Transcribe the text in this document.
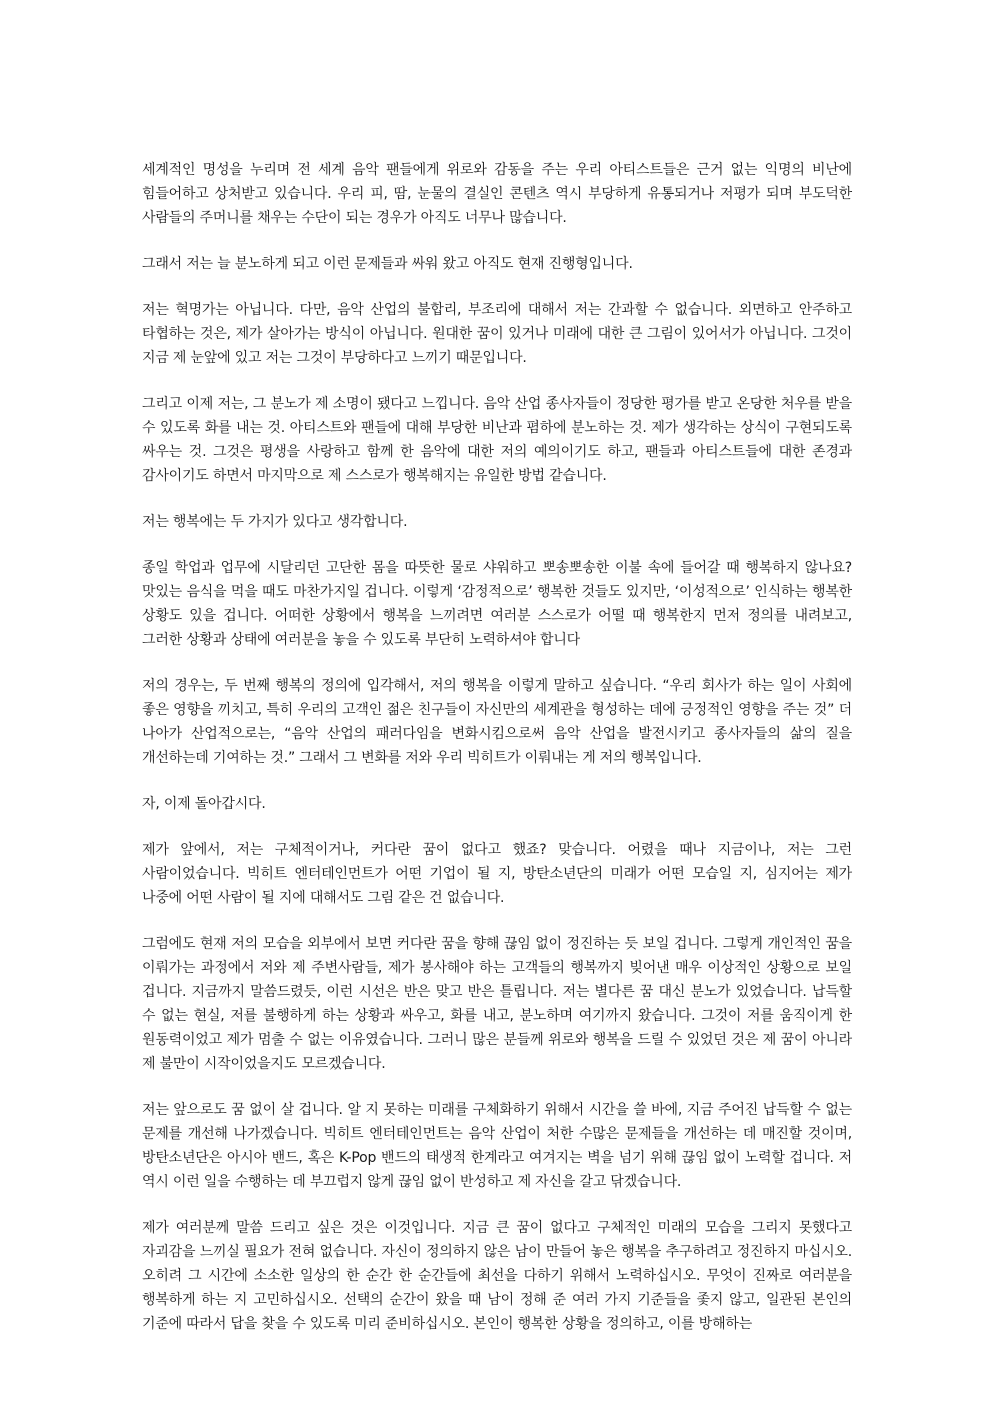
세계적인 명성을 누리며 전 세계 음악 팬들에게 위로와 감동을 주는 우리 아티스트들은 근거 없는 익명의 비난에 힘들어하고 상처받고 있습니다. 우리 피, 땀, 눈물의 결실인 콘텐츠 역시 부당하게 유통되거나 저평가 되며 부도덕한 사람들의 주머니를 채우는 수단이 되는 경우가 아직도 너무나 많습니다.

그래서 저는 늘 분노하게 되고 이런 문제들과 싸워 왔고 아직도 현재 진행형입니다.

저는 혁명가는 아닙니다. 다만, 음악 산업의 불합리, 부조리에 대해서 저는 간과할 수 없습니다. 외면하고 안주하고 타협하는 것은, 제가 살아가는 방식이 아닙니다. 원대한 꿈이 있거나 미래에 대한 큰 그림이 있어서가 아닙니다. 그것이 지금 제 눈앞에 있고 저는 그것이 부당하다고 느끼기 때문입니다.

그리고 이제 저는, 그 분노가 제 소명이 됐다고 느낍니다. 음악 산업 종사자들이 정당한 평가를 받고 온당한 처우를 받을 수 있도록 화를 내는 것. 아티스트와 팬들에 대해 부당한 비난과 폄하에 분노하는 것. 제가 생각하는 상식이 구현되도록 싸우는 것. 그것은 평생을 사랑하고 함께 한 음악에 대한 저의 예의이기도 하고, 팬들과 아티스트들에 대한 존경과 감사이기도 하면서 마지막으로 제 스스로가 행복해지는 유일한 방법 같습니다.

저는 행복에는 두 가지가 있다고 생각합니다.

종일 학업과 업무에 시달리던 고단한 몸을 따뜻한 물로 샤워하고 뽀송뽀송한 이불 속에 들어갈 때 행복하지 않나요? 맛있는 음식을 먹을 때도 마찬가지일 겁니다. 이렇게 ‘감정적으로’ 행복한 것들도 있지만, ‘이성적으로’ 인식하는 행복한 상황도 있을 겁니다. 어떠한 상황에서 행복을 느끼려면 여러분 스스로가 어떨 때 행복한지 먼저 정의를 내려보고, 그러한 상황과 상태에 여러분을 놓을 수 있도록 부단히 노력하셔야 합니다

저의 경우는, 두 번째 행복의 정의에 입각해서, 저의 행복을 이렇게 말하고 싶습니다. “우리 회사가 하는 일이 사회에 좋은 영향을 끼치고, 특히 우리의 고객인 젊은 친구들이 자신만의 세계관을 형성하는 데에 긍정적인 영향을 주는 것” 더 나아가 산업적으로는, “음악 산업의 패러다임을 변화시킴으로써 음악 산업을 발전시키고 종사자들의 삶의 질을 개선하는데 기여하는 것.” 그래서 그 변화를 저와 우리 빅히트가 이뤄내는 게 저의 행복입니다.

자, 이제 돌아갑시다.

제가 앞에서, 저는 구체적이거나, 커다란 꿈이 없다고 했죠? 맞습니다. 어렸을 때나 지금이나, 저는 그런 사람이었습니다. 빅히트 엔터테인먼트가 어떤 기업이 될 지, 방탄소년단의 미래가 어떤 모습일 지, 심지어는 제가 나중에 어떤 사람이 될 지에 대해서도 그림 같은 건 없습니다.

그럼에도 현재 저의 모습을 외부에서 보면 커다란 꿈을 향해 끊임 없이 정진하는 듯 보일 겁니다. 그렇게 개인적인 꿈을 이뤄가는 과정에서 저와 제 주변사람들, 제가 봉사해야 하는 고객들의 행복까지 빚어낸 매우 이상적인 상황으로 보일 겁니다. 지금까지 말씀드렸듯, 이런 시선은 반은 맞고 반은 틀립니다. 저는 별다른 꿈 대신 분노가 있었습니다. 납득할 수 없는 현실, 저를 불행하게 하는 상황과 싸우고, 화를 내고, 분노하며 여기까지 왔습니다. 그것이 저를 움직이게 한 원동력이었고 제가 멈출 수 없는 이유였습니다. 그러니 많은 분들께 위로와 행복을 드릴 수 있었던 것은 제 꿈이 아니라 제 불만이 시작이었을지도 모르겠습니다.

저는 앞으로도 꿈 없이 살 겁니다. 알 지 못하는 미래를 구체화하기 위해서 시간을 쓸 바에, 지금 주어진 납득할 수 없는 문제를 개선해 나가겠습니다. 빅히트 엔터테인먼트는 음악 산업이 처한 수많은 문제들을 개선하는 데 매진할 것이며, 방탄소년단은 아시아 밴드, 혹은 K-Pop 밴드의 태생적 한계라고 여겨지는 벽을 넘기 위해 끊임 없이 노력할 겁니다. 저 역시 이런 일을 수행하는 데 부끄럽지 않게 끊임 없이 반성하고 제 자신을 갈고 닦겠습니다.

제가 여러분께 말씀 드리고 싶은 것은 이것입니다. 지금 큰 꿈이 없다고 구체적인 미래의 모습을 그리지 못했다고 자괴감을 느끼실 필요가 전혀 없습니다. 자신이 정의하지 않은 남이 만들어 놓은 행복을 추구하려고 정진하지 마십시오. 오히려 그 시간에 소소한 일상의 한 순간 한 순간들에 최선을 다하기 위해서 노력하십시오. 무엇이 진짜로 여러분을 행복하게 하는 지 고민하십시오. 선택의 순간이 왔을 때 남이 정해 준 여러 가지 기준들을 좇지 않고, 일관된 본인의 기준에 따라서 답을 찾을 수 있도록 미리 준비하십시오. 본인이 행복한 상황을 정의하고, 이를 방해하는
